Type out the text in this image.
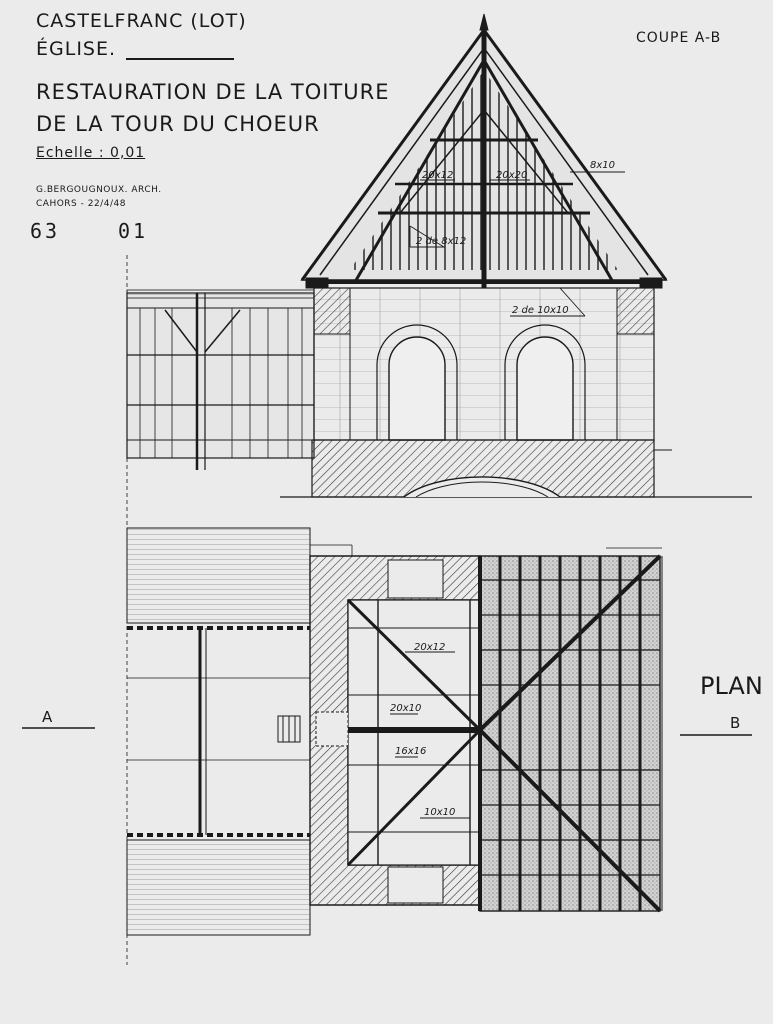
8x10
20x12	20x20
2 de 8x12
2 de 10x10
20x12
20x10
16x16
10x10
CASTELFRANC (LOT)
ÉGLISE.
RESTAURATION DE LA TOITURE
DE LA TOUR DU CHOEUR
Echelle : 0,01
G.BERGOUGNOUX. ARCH.
CAHORS - 22/4/48
63	01
COUPE A-B
PLAN
A	B
